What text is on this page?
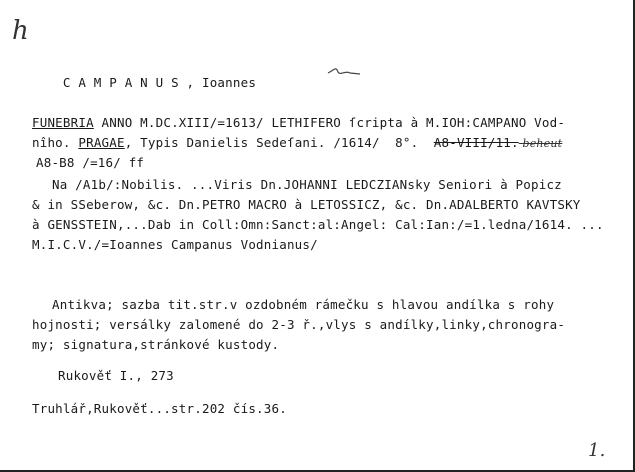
h

C A M P A N U S , Ioannes

FUNEBRIA ANNO M.DC.XIII/=1613/ LETHIFERO ſcripta à M.IOH:CAMPANO Vod-
nîho. PRAGAE, Typis Danielis Sedeſani. /1614/  8°.  A8-VIII/11. beheut
A8-B8 /=16/ ff
Na /A1b/:Nobilis. ...Viris Dn.JOHANNI LEDCZIANsky Seniori à Popicz
& in SSeberow, &c. Dn.PETRO MACRO à LETOSSICZ, &c. Dn.ADALBERTO KAVTSKY
à GENSSTEIN,...Dab in Coll:Omn:Sanct:al:Angel: Cal:Ian:/=1.ledna/1614. ...
M.I.C.V./=Ioannes Campanus Vodnianus/
Antikva; sazba tit.str.v ozdobném rámečku s hlavou andílka s rohy
hojnosti; versálky zalomené do 2-3 ř.,vlys s andílky,linky,chronogra-
my; signatura,stránkové kustody.
Rukověť I., 273
Truhlář,Rukověť...str.202 čís.36.
1.
